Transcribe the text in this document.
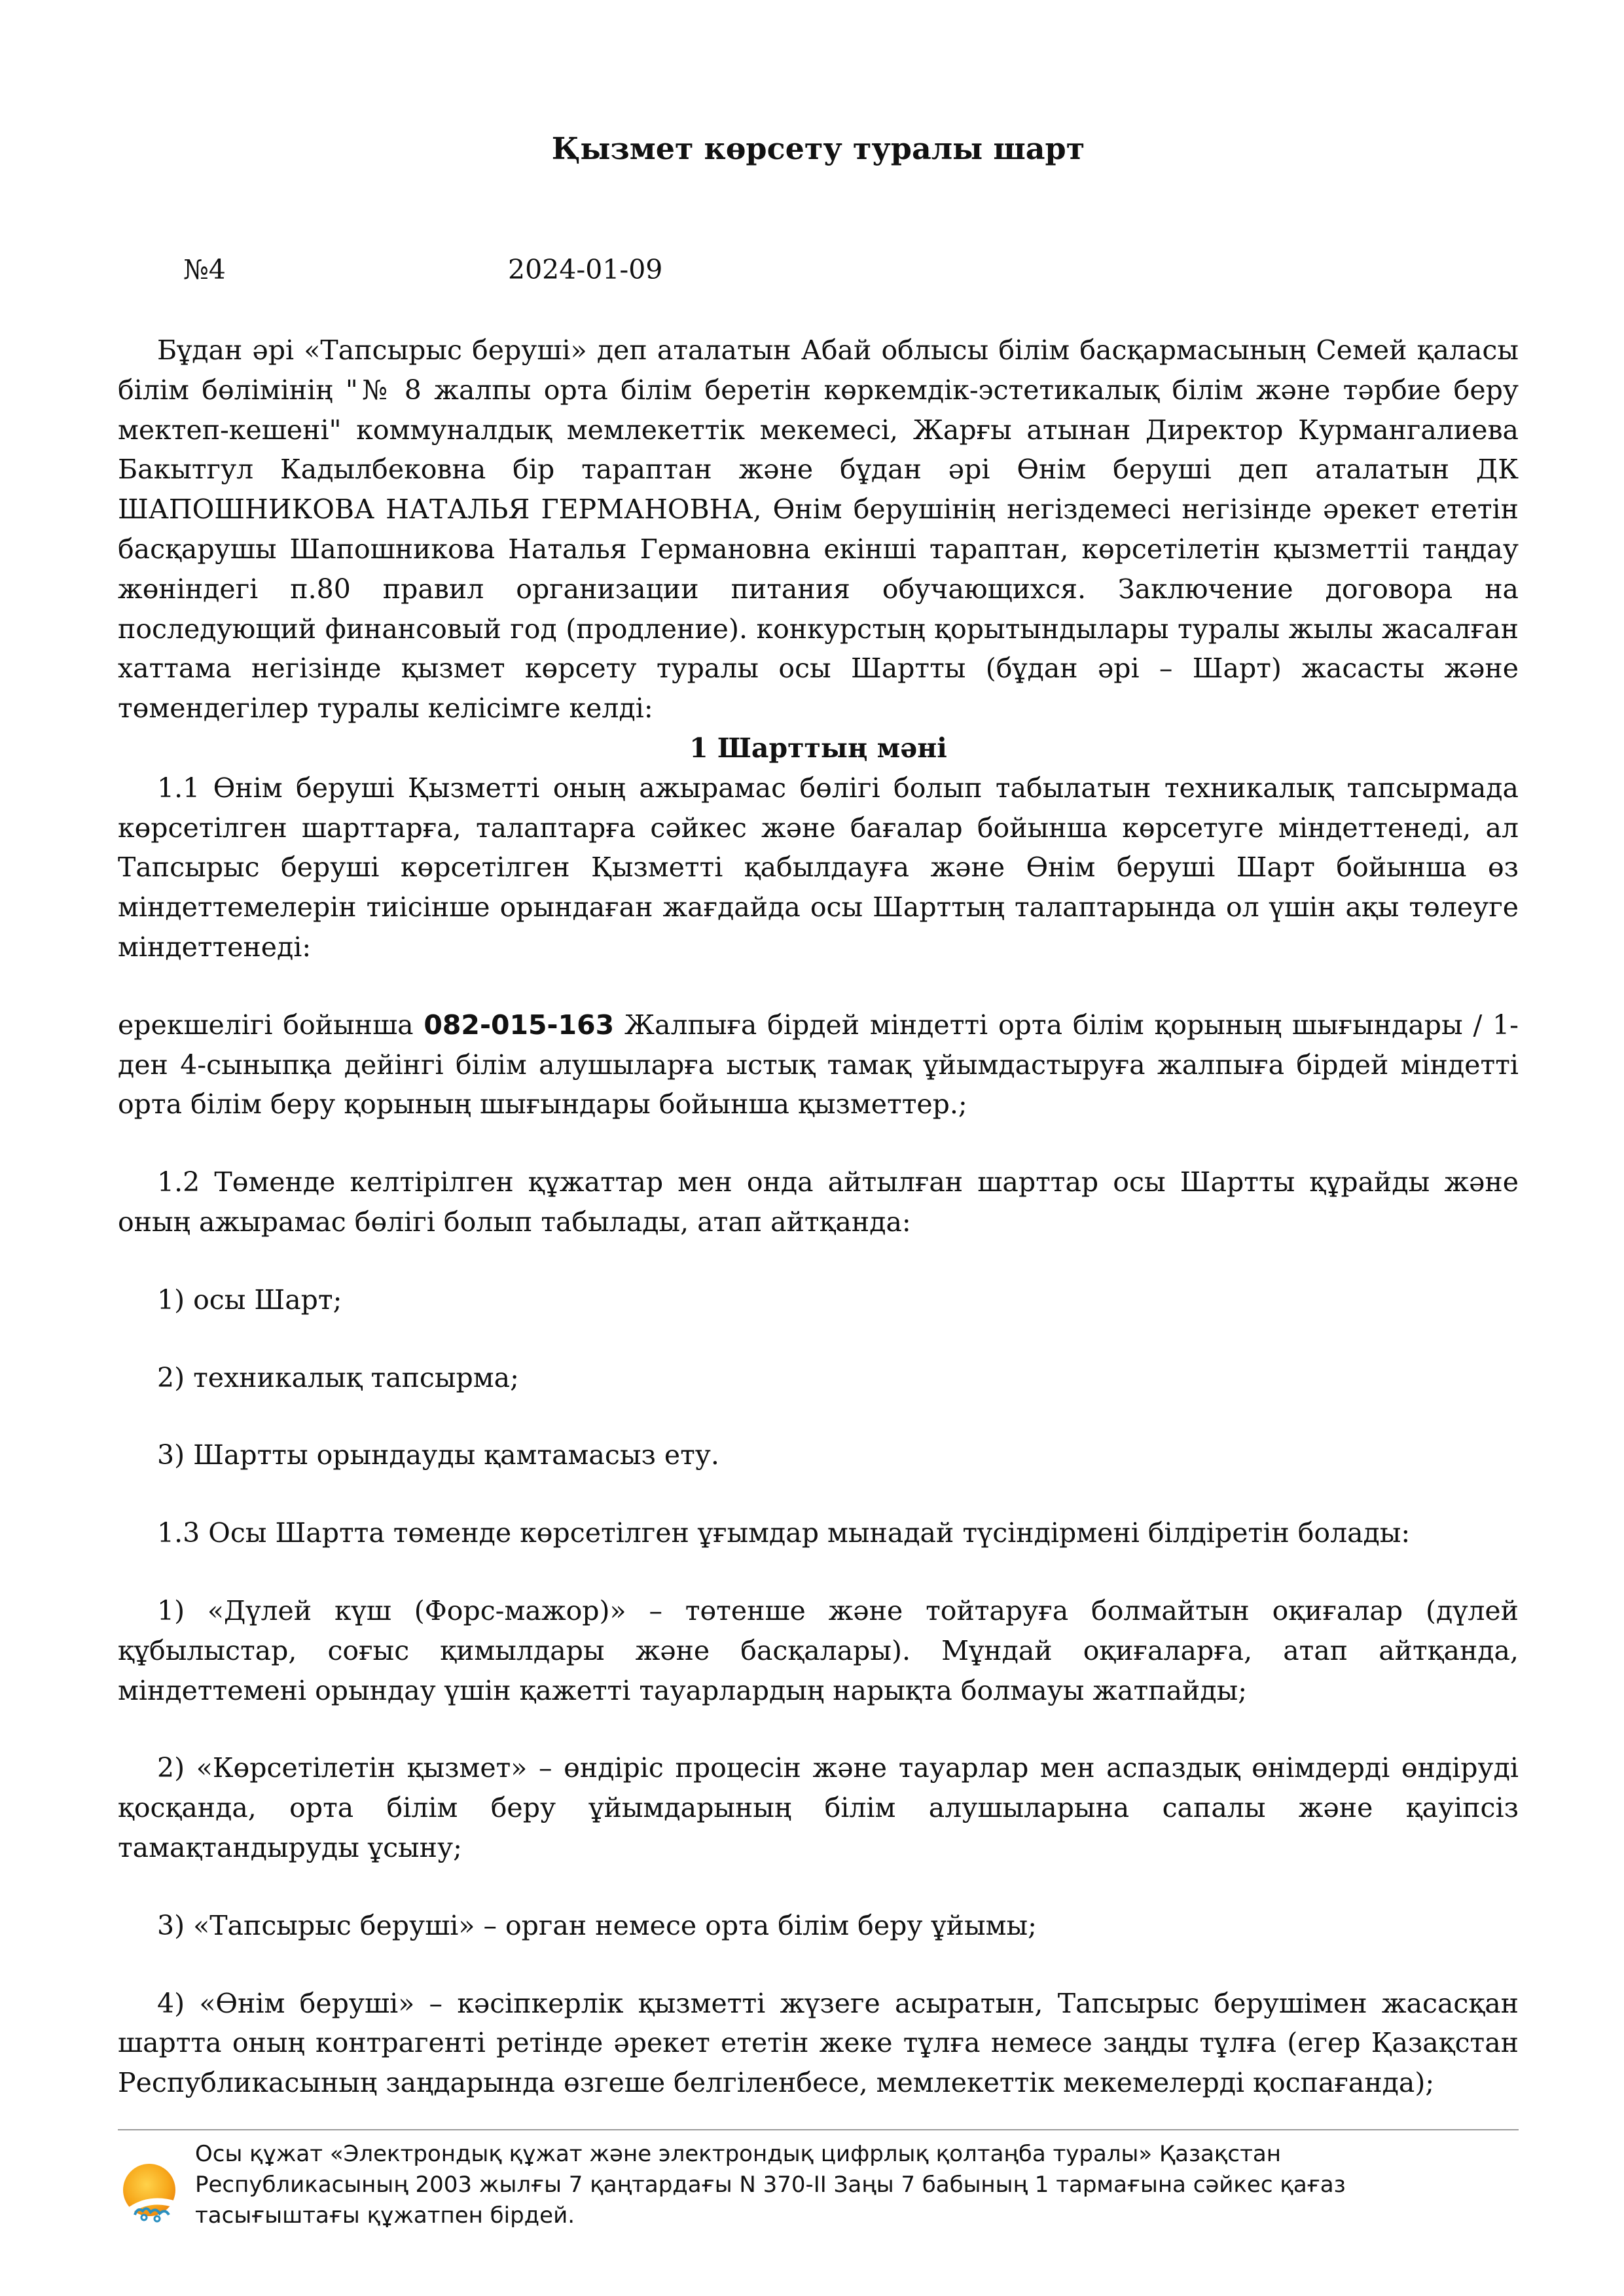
Қызмет көрсету туралы шарт
№4	2024-01-09

Бұдан әрі «Тапсырыс беруші» деп аталатын Абай облысы білім басқармасының Семей қаласы білім бөлімінің "№ 8 жалпы орта білім беретін көркемдік-эстетикалық білім және тәрбие беру мектеп-кешені" коммуналдық мемлекеттік мекемесі, Жарғы атынан Директор Курмангалиева Бакытгул Кадылбековна бір тараптан және бұдан әрі Өнім беруші деп аталатын ДК ШАПОШНИКОВА НАТАЛЬЯ ГЕРМАНОВНА, Өнім берушінің негіздемесі негізінде әрекет ететін басқарушы Шапошникова Наталья Германовна екінші тараптан, көрсетілетін қызметтіі таңдау жөніндегі п.80 правил организации питания обучающихся. Заключение договора на последующий финансовый год (продление). конкурстың қорытындылары туралы жылы жасалған хаттама негізінде қызмет көрсету туралы осы Шартты (бұдан әрі – Шарт) жасасты және төмендегілер туралы келісімге келді:

1 Шарттың мәні

1.1 Өнім беруші Қызметті оның ажырамас бөлігі болып табылатын техникалық тапсырмада көрсетілген шарттарға, талаптарға сәйкес және бағалар бойынша көрсетуге міндеттенеді, ал Тапсырыс беруші көрсетілген Қызметті қабылдауға және Өнім беруші Шарт бойынша өз міндеттемелерін тиісінше орындаған жағдайда осы Шарттың талаптарында ол үшін ақы төлеуге міндеттенеді:

ерекшелігі бойынша 082-015-163 Жалпыға бірдей міндетті орта білім қорының шығындары / 1-ден 4-сыныпқа дейінгі білім алушыларға ыстық тамақ ұйымдастыруға жалпыға бірдей міндетті орта білім беру қорының шығындары бойынша қызметтер.;

1.2 Төменде келтірілген құжаттар мен онда айтылған шарттар осы Шартты құрайды және оның ажырамас бөлігі болып табылады, атап айтқанда:

1) осы Шарт;

2) техникалық тапсырма;

3) Шартты орындауды қамтамасыз ету.

1.3 Осы Шартта төменде көрсетілген ұғымдар мынадай түсіндірмені білдіретін болады:

1) «Дүлей күш (Форс-мажор)» – төтенше және тойтаруға болмайтын оқиғалар (дүлей құбылыстар, соғыс қимылдары және басқалары). Мұндай оқиғаларға, атап айтқанда, міндеттемені орындау үшін қажетті тауарлардың нарықта болмауы жатпайды;

2) «Көрсетілетін қызмет» – өндіріс процесін және тауарлар мен аспаздық өнімдерді өндіруді қосқанда, орта білім беру ұйымдарының білім алушыларына сапалы және қауіпсіз тамақтандыруды ұсыну;

3) «Тапсырыс беруші» – орган немесе орта білім беру ұйымы;

4) «Өнім беруші» – кәсіпкерлік қызметті жүзеге асыратын, Тапсырыс берушімен жасасқан шартта оның контрагенті ретінде әрекет ететін жеке тұлға немесе заңды тұлға (егер Қазақстан Республикасының заңдарында өзгеше белгіленбесе, мемлекеттік мекемелерді қоспағанда);

Осы құжат «Электрондық құжат және электрондық цифрлық қолтаңба туралы» Қазақстан Республикасының 2003 жылғы 7 қаңтардағы N 370-II Заңы 7 бабының 1 тармағына сәйкес қағаз тасығыштағы құжатпен бірдей.
